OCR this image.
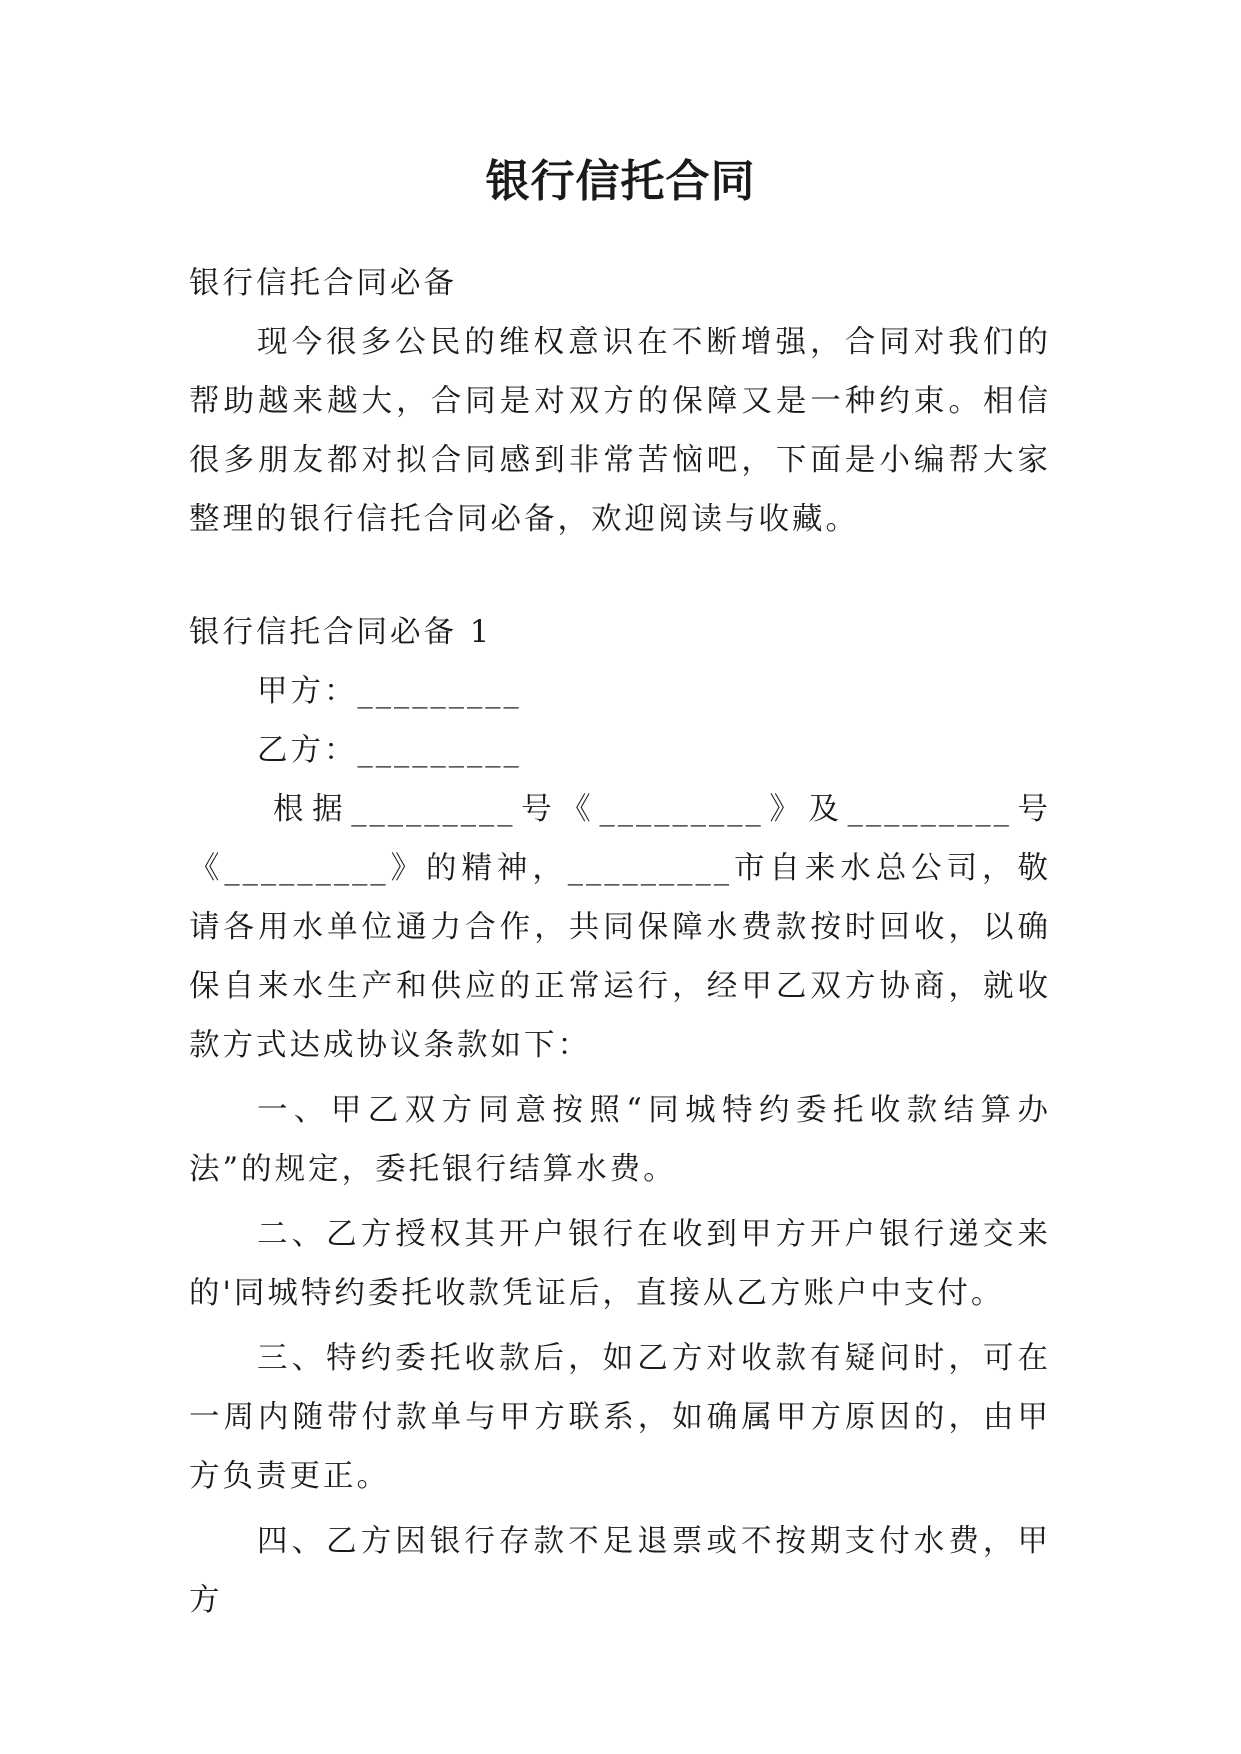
银行信托合同

银行信托合同必备

现今很多公民的维权意识在不断增强，合同对我们的帮助越来越大，合同是对双方的保障又是一种约束。相信很多朋友都对拟合同感到非常苦恼吧，下面是小编帮大家整理的银行信托合同必备，欢迎阅读与收藏。

银行信托合同必备 1

甲方：_________

乙方：_________

根据_________号《_________》及_________号《_________》的精神，_________市自来水总公司，敬请各用水单位通力合作，共同保障水费款按时回收，以确保自来水生产和供应的正常运行，经甲乙双方协商，就收款方式达成协议条款如下：

一、甲乙双方同意按照“同城特约委托收款结算办法”的规定，委托银行结算水费。

二、乙方授权其开户银行在收到甲方开户银行递交来的'同城特约委托收款凭证后，直接从乙方账户中支付。

三、特约委托收款后，如乙方对收款有疑问时，可在一周内随带付款单与甲方联系，如确属甲方原因的，由甲方负责更正。

四、乙方因银行存款不足退票或不按期支付水费，甲方
